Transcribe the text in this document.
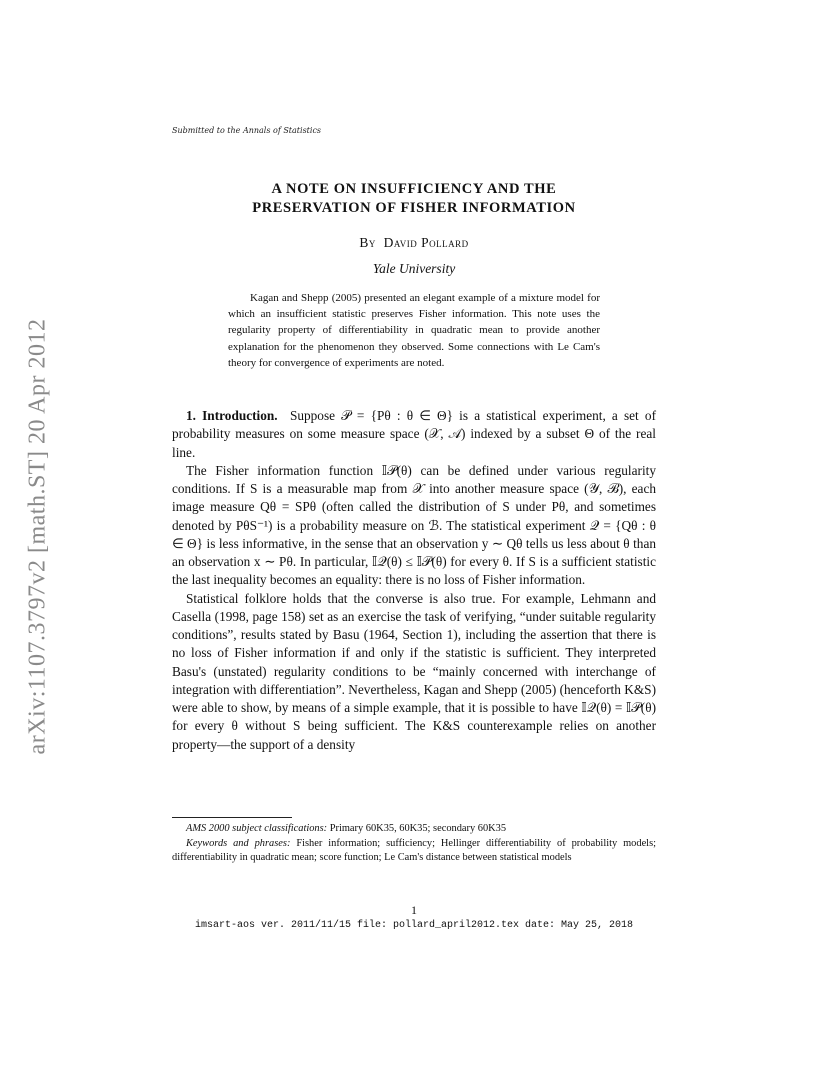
arXiv:1107.3797v2 [math.ST] 20 Apr 2012
Submitted to the Annals of Statistics
A NOTE ON INSUFFICIENCY AND THE
PRESERVATION OF FISHER INFORMATION
By David Pollard
Yale University

Kagan and Shepp (2005) presented an elegant example of a mixture model for which an insufficient statistic preserves Fisher information. This note uses the regularity property of differentiability in quadratic mean to provide another explanation for the phenomenon they observed. Some connections with Le Cam's theory for convergence of experiments are noted.

1. Introduction. Suppose 𝒫 = {Pθ : θ ∈ Θ} is a statistical experiment, a set of probability measures on some measure space (𝒳, 𝒜) indexed by a subset Θ of the real line.

The Fisher information function 𝕀𝒫(θ) can be defined under various regularity conditions. If S is a measurable map from 𝒳 into another measure space (𝒴, ℬ), each image measure Qθ = SPθ (often called the distribution of S under Pθ, and sometimes denoted by PθS⁻¹) is a probability measure on ℬ. The statistical experiment 𝒬 = {Qθ : θ ∈ Θ} is less informative, in the sense that an observation y ∼ Qθ tells us less about θ than an observation x ∼ Pθ. In particular, 𝕀𝒬(θ) ≤ 𝕀𝒫(θ) for every θ. If S is a sufficient statistic the last inequality becomes an equality: there is no loss of Fisher information.

Statistical folklore holds that the converse is also true. For example, Lehmann and Casella (1998, page 158) set as an exercise the task of verifying, “under suitable regularity conditions”, results stated by Basu (1964, Section 1), including the assertion that there is no loss of Fisher information if and only if the statistic is sufficient. They interpreted Basu's (unstated) regularity conditions to be “mainly concerned with interchange of integration with differentiation”. Nevertheless, Kagan and Shepp (2005) (henceforth K&S) were able to show, by means of a simple example, that it is possible to have 𝕀𝒬(θ) = 𝕀𝒫(θ) for every θ without S being sufficient. The K&S counterexample relies on another property—the support of a density

AMS 2000 subject classifications: Primary 60K35, 60K35; secondary 60K35

Keywords and phrases: Fisher information; sufficiency; Hellinger differentiability of probability models; differentiability in quadratic mean; score function; Le Cam's distance between statistical models

1
imsart-aos ver. 2011/11/15 file: pollard_april2012.tex date: May 25, 2018
